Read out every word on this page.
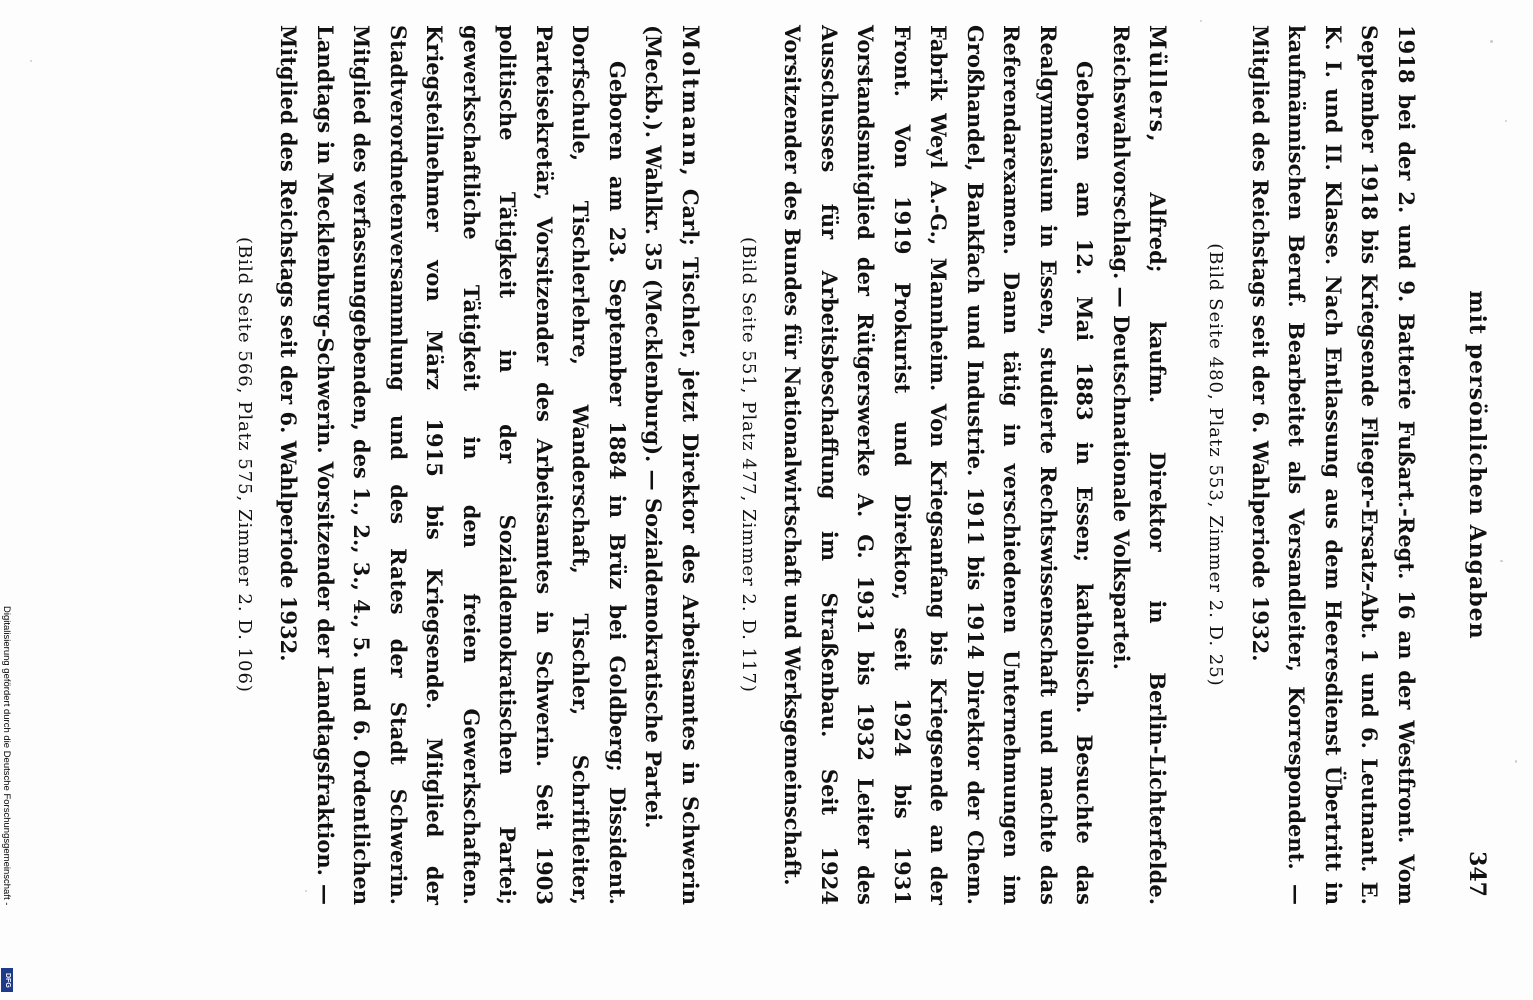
mit persönlichen Angaben
347

1918 bei der 2. und 9. Batterie Fußart.-Regt. 16 an der Westfront. Vom September 1918 bis Kriegsende Flieger-Ersatz-Abt. 1 und 6. Leutnant. E. K. I. und II. Klasse. Nach Entlassung aus dem Heeresdienst Übertritt in kaufmännischen Beruf. Bearbeitet als Versandleiter, Korrespondent. — Mitglied des Reichstags seit der 6. Wahlperiode 1932.

(Bild Seite 480, Platz 553, Zimmer 2. D. 25)

Müllers, Alfred; kaufm. Direktor in Berlin-Lichterfelde. Reichswahlvorschlag. — Deutschnationale Volkspartei.

Geboren am 12. Mai 1883 in Essen; katholisch. Besuchte das Realgymnasium in Essen, studierte Rechtswissenschaft und machte das Referendarexamen. Dann tätig in verschiedenen Unternehmungen im Großhandel, Bankfach und Industrie. 1911 bis 1914 Direktor der Chem. Fabrik Weyl A.-G., Mannheim. Von Kriegsanfang bis Kriegsende an der Front. Von 1919 Prokurist und Direktor, seit 1924 bis 1931 Vorstandsmitglied der Rütgerswerke A. G. 1931 bis 1932 Leiter des Ausschusses für Arbeitsbeschaffung im Straßenbau. Seit 1924 Vorsitzender des Bundes für Nationalwirtschaft und Werksgemeinschaft.

(Bild Seite 551, Platz 477, Zimmer 2. D. 117)

Moltmann, Carl; Tischler, jetzt Direktor des Arbeitsamtes in Schwerin (Meckb.). Wahlkr. 35 (Mecklenburg). — Sozialdemokratische Partei.

Geboren am 23. September 1884 in Brüz bei Goldberg; Dissident. Dorfschule, Tischlerlehre, Wanderschaft, Tischler, Schriftleiter, Parteisekretär, Vorsitzender des Arbeitsamtes in Schwerin. Seit 1903 politische Tätigkeit in der Sozialdemokratischen Partei; gewerkschaftliche Tätigkeit in den freien Gewerkschaften. Kriegsteilnehmer von März 1915 bis Kriegsende. Mitglied der Stadtverordnetenversammlung und des Rates der Stadt Schwerin. Mitglied des verfassunggebenden, des 1., 2., 3., 4., 5. und 6. Ordentlichen Landtags in Mecklenburg-Schwerin. Vorsitzender der Landtagsfraktion. — Mitglied des Reichstags seit der 6. Wahlperiode 1932.

(Bild Seite 566, Platz 575, Zimmer 2. D. 106)
Digitalisierung gefördert durch die Deutsche Forschungsgemeinschaft -
DFG
